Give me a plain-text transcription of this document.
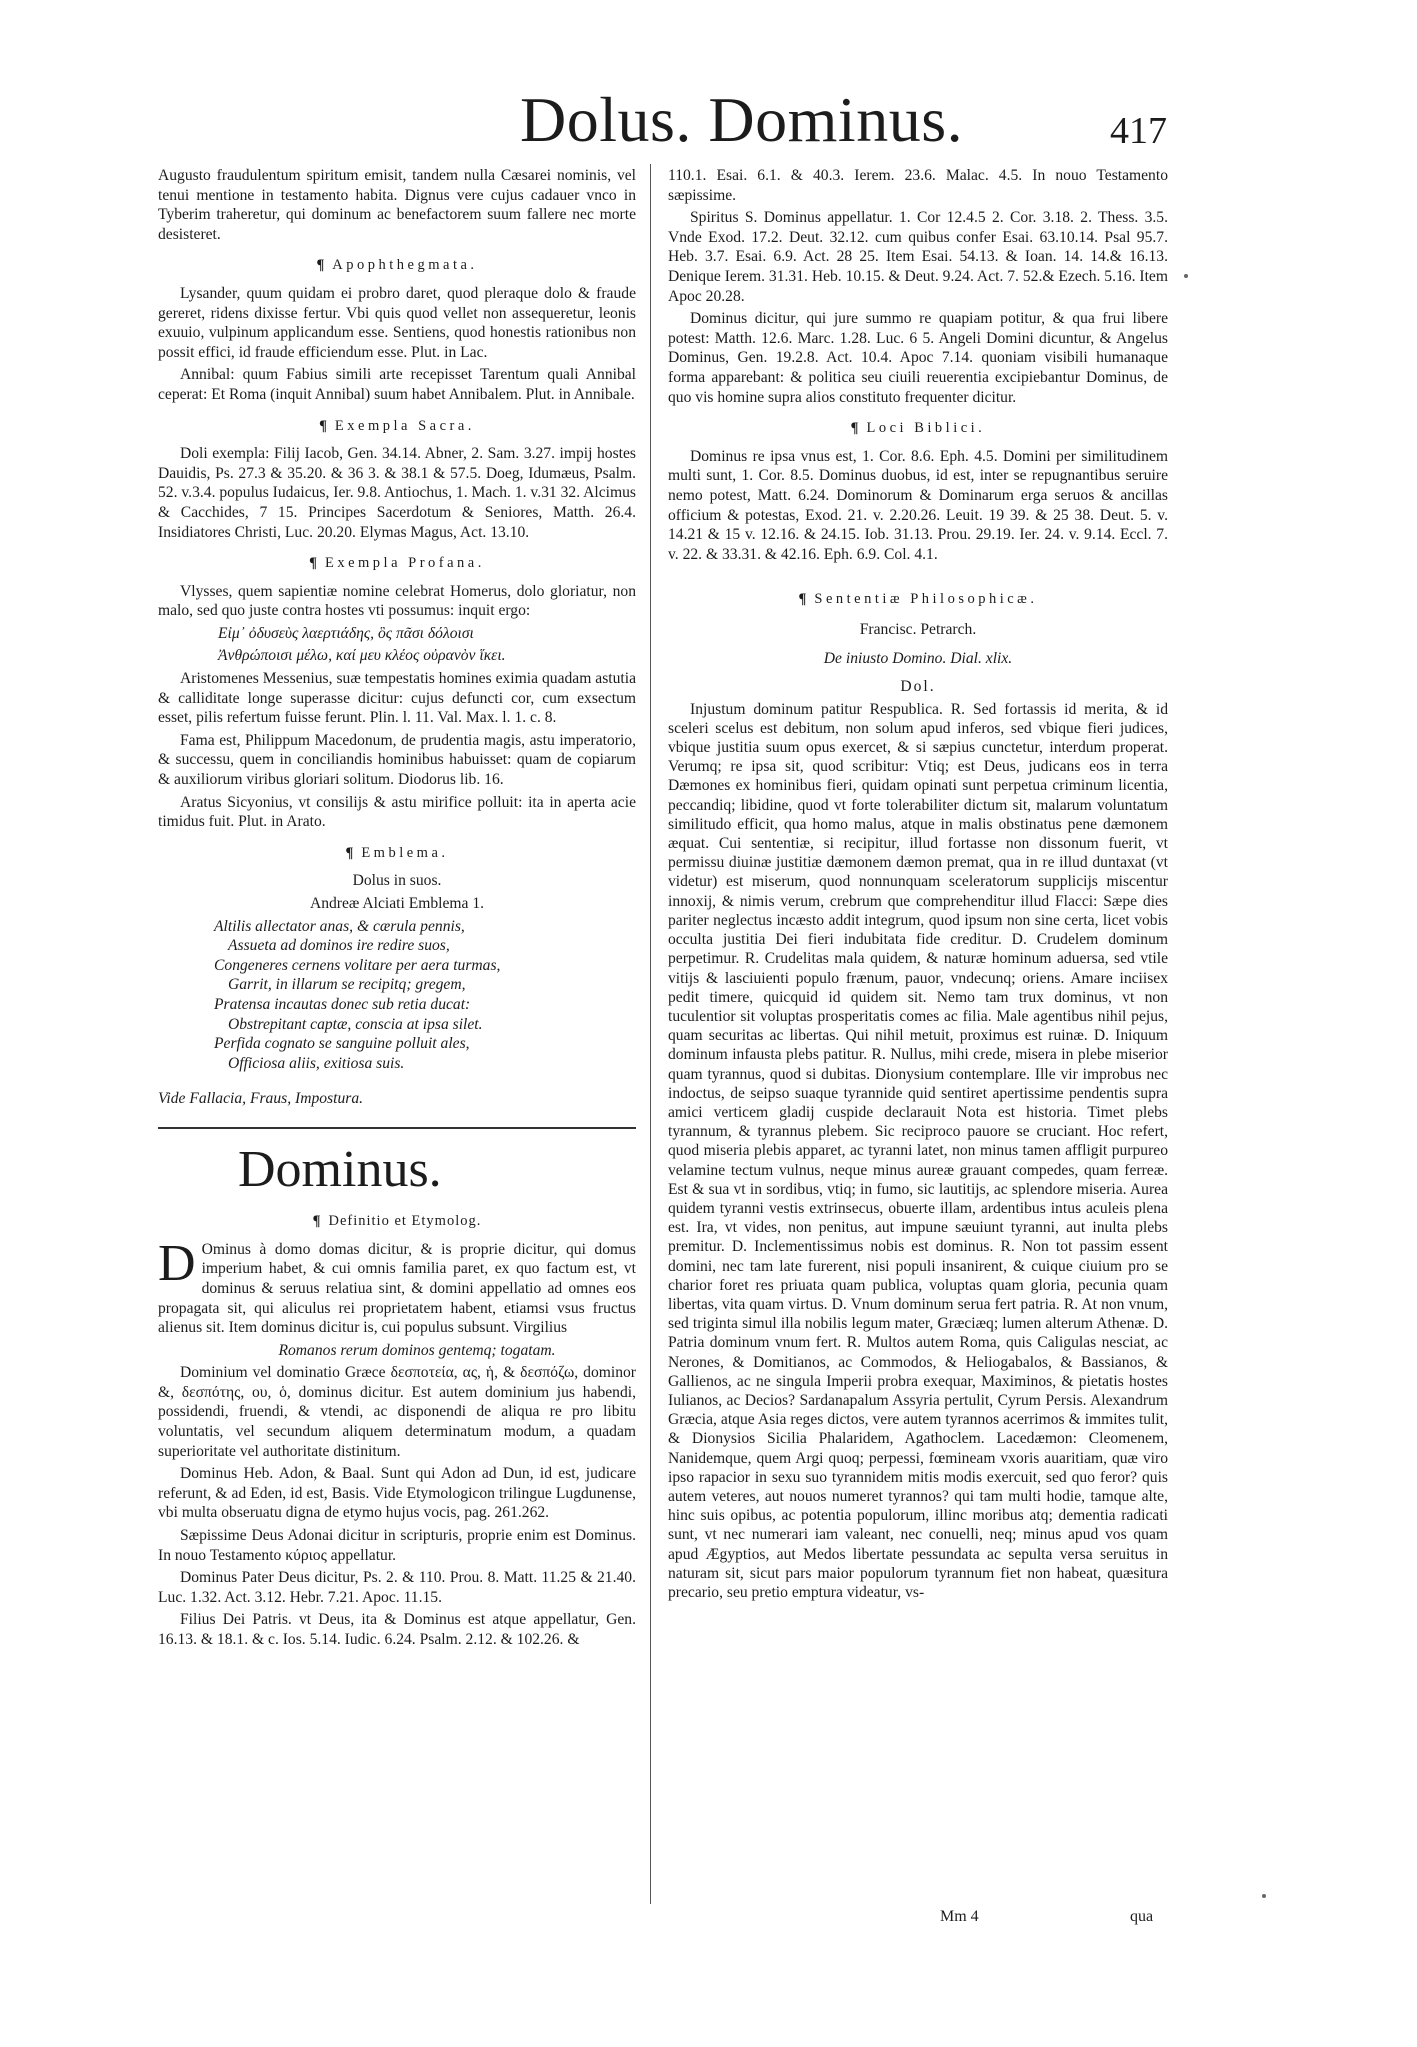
Dolus. Dominus.	417

Augusto fraudulentum spiritum emisit, tandem nulla Cæsarei nominis, vel tenui mentione in testamento habita. Dignus vere cujus cadauer vnco in Tyberim traheretur, qui dominum ac benefactorem suum fallere nec morte desisteret.

¶ Apophthegmata.

Lysander, quum quidam ei probro daret, quod pleraque dolo & fraude gereret, ridens dixisse fertur. Vbi quis quod vellet non assequeretur, leonis exuuio, vulpinum applicandum esse. Sentiens, quod honestis rationibus non possit effici, id fraude efficiendum esse. Plut. in Lac.

Annibal: quum Fabius simili arte recepisset Tarentum quali Annibal ceperat: Et Roma (inquit Annibal) suum habet Annibalem. Plut. in Annibale.

¶ Exempla Sacra.

Doli exempla: Filij Iacob, Gen. 34.14. Abner, 2. Sam. 3.27. impij hostes Dauidis, Ps. 27.3 & 35.20. & 36 3. & 38.1 & 57.5. Doeg, Idumæus, Psalm. 52. v.3.4. populus Iudaicus, Ier. 9.8. Antiochus, 1. Mach. 1. v.31 32. Alcimus & Cacchides, 7 15. Principes Sacerdotum & Seniores, Matth. 26.4. Insidiatores Christi, Luc. 20.20. Elymas Magus, Act. 13.10.

¶ Exempla Profana.

Vlysses, quem sapientiæ nomine celebrat Homerus, dolo gloriatur, non malo, sed quo juste contra hostes vti possumus: inquit ergo:

Εἰμ᾽ ὀδυσεὺς λαερτιάδης, ὃς πᾶσι δόλοισι

Ἀνθρώποισι μέλω, καί μευ κλέος οὐρανὸν ἵκει.

Aristomenes Messenius, suæ tempestatis homines eximia quadam astutia & calliditate longe superasse dicitur: cujus defuncti cor, cum exsectum esset, pilis refertum fuisse ferunt. Plin. l. 11. Val. Max. l. 1. c. 8.

Fama est, Philippum Macedonum, de prudentia magis, astu imperatorio, & successu, quem in conciliandis hominibus habuisset: quam de copiarum & auxiliorum viribus gloriari solitum. Diodorus lib. 16.

Aratus Sicyonius, vt consilijs & astu mirifice polluit: ita in aperta acie timidus fuit. Plut. in Arato.

¶ Emblema.

Dolus in suos.

Andreæ Alciati Emblema 1.

Altilis allectator anas, & cærula pennis,

Assueta ad dominos ire redire suos,

Congeneres cernens volitare per aera turmas,

Garrit, in illarum se recipitq; gregem,

Pratensa incautas donec sub retia ducat:

Obstrepitant captæ, conscia at ipsa silet.

Perfida cognato se sanguine polluit ales,

Officiosa aliis, exitiosa suis.

Vide Fallacia, Fraus, Impostura.

Dominus.
¶ Definitio et Etymolog.

D Ominus à domo domas dicitur, & is proprie dicitur, qui domus imperium habet, & cui omnis familia paret, ex quo factum est, vt dominus & seruus relatiua sint, & domini appellatio ad omnes eos propagata sit, qui aliculus rei proprietatem habent, etiamsi vsus fructus alienus sit. Item dominus dicitur is, cui populus subsunt. Virgilius

Romanos rerum dominos gentemq; togatam.

Dominium vel dominatio Græce δεσποτεία, ας, ἡ, & δεσπόζω, dominor &, δεσπότης, ου, ὁ, dominus dicitur. Est autem dominium jus habendi, possidendi, fruendi, & vtendi, ac disponendi de aliqua re pro libitu voluntatis, vel secundum aliquem determinatum modum, a quadam superioritate vel authoritate distinitum.

Dominus Heb. Adon, & Baal. Sunt qui Adon ad Dun, id est, judicare referunt, & ad Eden, id est, Basis. Vide Etymologicon trilingue Lugdunense, vbi multa obseruatu digna de etymo hujus vocis, pag. 261.262.

Sæpissime Deus Adonai dicitur in scripturis, proprie enim est Dominus. In nouo Testamento κύριος appellatur.

Dominus Pater Deus dicitur, Ps. 2. & 110. Prou. 8. Matt. 11.25 & 21.40. Luc. 1.32. Act. 3.12. Hebr. 7.21. Apoc. 11.15.

Filius Dei Patris. vt Deus, ita & Dominus est atque appellatur, Gen. 16.13. & 18.1. & c. Ios. 5.14. Iudic. 6.24. Psalm. 2.12. & 102.26. &

110.1. Esai. 6.1. & 40.3. Ierem. 23.6. Malac. 4.5. In nouo Testamento sæpissime.

Spiritus S. Dominus appellatur. 1. Cor 12.4.5 2. Cor. 3.18. 2. Thess. 3.5. Vnde Exod. 17.2. Deut. 32.12. cum quibus confer Esai. 63.10.14. Psal 95.7. Heb. 3.7. Esai. 6.9. Act. 28 25. Item Esai. 54.13. & Ioan. 14. 14.& 16.13. Denique Ierem. 31.31. Heb. 10.15. & Deut. 9.24. Act. 7. 52.& Ezech. 5.16. Item Apoc 20.28.

Dominus dicitur, qui jure summo re quapiam potitur, & qua frui libere potest: Matth. 12.6. Marc. 1.28. Luc. 6 5. Angeli Domini dicuntur, & Angelus Dominus, Gen. 19.2.8. Act. 10.4. Apoc 7.14. quoniam visibili humanaque forma apparebant: & politica seu ciuili reuerentia excipiebantur Dominus, de quo vis homine supra alios constituto frequenter dicitur.

¶ Loci Biblici.

Dominus re ipsa vnus est, 1. Cor. 8.6. Eph. 4.5. Domini per similitudinem multi sunt, 1. Cor. 8.5. Dominus duobus, id est, inter se repugnantibus seruire nemo potest, Matt. 6.24. Dominorum & Dominarum erga seruos & ancillas officium & potestas, Exod. 21. v. 2.20.26. Leuit. 19 39. & 25 38. Deut. 5. v. 14.21 & 15 v. 12.16. & 24.15. Iob. 31.13. Prou. 29.19. Ier. 24. v. 9.14. Eccl. 7. v. 22. & 33.31. & 42.16. Eph. 6.9. Col. 4.1.

¶ Sententiæ Philosophicæ.

Francisc. Petrarch.

De iniusto Domino. Dial. xlix.

Dol.

Injustum dominum patitur Respublica. R. Sed fortassis id merita, & id sceleri scelus est debitum, non solum apud inferos, sed vbique fieri judices, vbique justitia suum opus exercet, & si sæpius cunctetur, interdum properat. Verumq; re ipsa sit, quod scribitur: Vtiq; est Deus, judicans eos in terra Dæmones ex hominibus fieri, quidam opinati sunt perpetua criminum licentia, peccandiq; libidine, quod vt forte tolerabiliter dictum sit, malarum voluntatum similitudo efficit, qua homo malus, atque in malis obstinatus pene dæmonem æquat. Cui sententiæ, si recipitur, illud fortasse non dissonum fuerit, vt permissu diuinæ justitiæ dæmonem dæmon premat, qua in re illud duntaxat (vt videtur) est miserum, quod nonnunquam sceleratorum supplicijs miscentur innoxij, & nimis verum, crebrum que comprehenditur illud Flacci: Sæpe dies pariter neglectus incæsto addit integrum, quod ipsum non sine certa, licet vobis occulta justitia Dei fieri indubitata fide creditur. D. Crudelem dominum perpetimur. R. Crudelitas mala quidem, & naturæ hominum aduersa, sed vtile vitijs & lasciuienti populo frænum, pauor, vndecunq; oriens. Amare inciisex pedit timere, quicquid id quidem sit. Nemo tam trux dominus, vt non tuculentior sit voluptas prosperitatis comes ac filia. Male agentibus nihil pejus, quam securitas ac libertas. Qui nihil metuit, proximus est ruinæ. D. Iniquum dominum infausta plebs patitur. R. Nullus, mihi crede, misera in plebe miserior quam tyrannus, quod si dubitas. Dionysium contemplare. Ille vir improbus nec indoctus, de seipso suaque tyrannide quid sentiret apertissime pendentis supra amici verticem gladij cuspide declarauit Nota est historia. Timet plebs tyrannum, & tyrannus plebem. Sic reciproco pauore se cruciant. Hoc refert, quod miseria plebis apparet, ac tyranni latet, non minus tamen affligit purpureo velamine tectum vulnus, neque minus aureæ grauant compedes, quam ferreæ. Est & sua vt in sordibus, vtiq; in fumo, sic lautitijs, ac splendore miseria. Aurea quidem tyranni vestis extrinsecus, obuerte illam, ardentibus intus aculeis plena est. Ira, vt vides, non penitus, aut impune sæuiunt tyranni, aut inulta plebs premitur. D. Inclementissimus nobis est dominus. R. Non tot passim essent domini, nec tam late furerent, nisi populi insanirent, & cuique ciuium pro se charior foret res priuata quam publica, voluptas quam gloria, pecunia quam libertas, vita quam virtus. D. Vnum dominum serua fert patria. R. At non vnum, sed triginta simul illa nobilis legum mater, Græciæq; lumen alterum Athenæ. D. Patria dominum vnum fert. R. Multos autem Roma, quis Caligulas nesciat, ac Nerones, & Domitianos, ac Commodos, & Heliogabalos, & Bassianos, & Gallienos, ac ne singula Imperii probra exequar, Maximinos, & pietatis hostes Iulianos, ac Decios? Sardanapalum Assyria pertulit, Cyrum Persis. Alexandrum Græcia, atque Asia reges dictos, vere autem tyrannos acerrimos & immites tulit, & Dionysios Sicilia Phalaridem, Agathoclem. Lacedæmon: Cleomenem, Nanidemque, quem Argi quoq; perpessi, fœmineam vxoris auaritiam, quæ viro ipso rapacior in sexu suo tyrannidem mitis modis exercuit, sed quo feror? quis autem veteres, aut nouos numeret tyrannos? qui tam multi hodie, tamque alte, hinc suis opibus, ac potentia populorum, illinc moribus atq; dementia radicati sunt, vt nec numerari iam valeant, nec conuelli, neq; minus apud vos quam apud Ægyptios, aut Medos libertate pessundata ac sepulta versa seruitus in naturam sit, sicut pars maior populorum tyrannum fiet non habeat, quæsitura precario, seu pretio emptura videatur, vs-

Mm 4	qua
